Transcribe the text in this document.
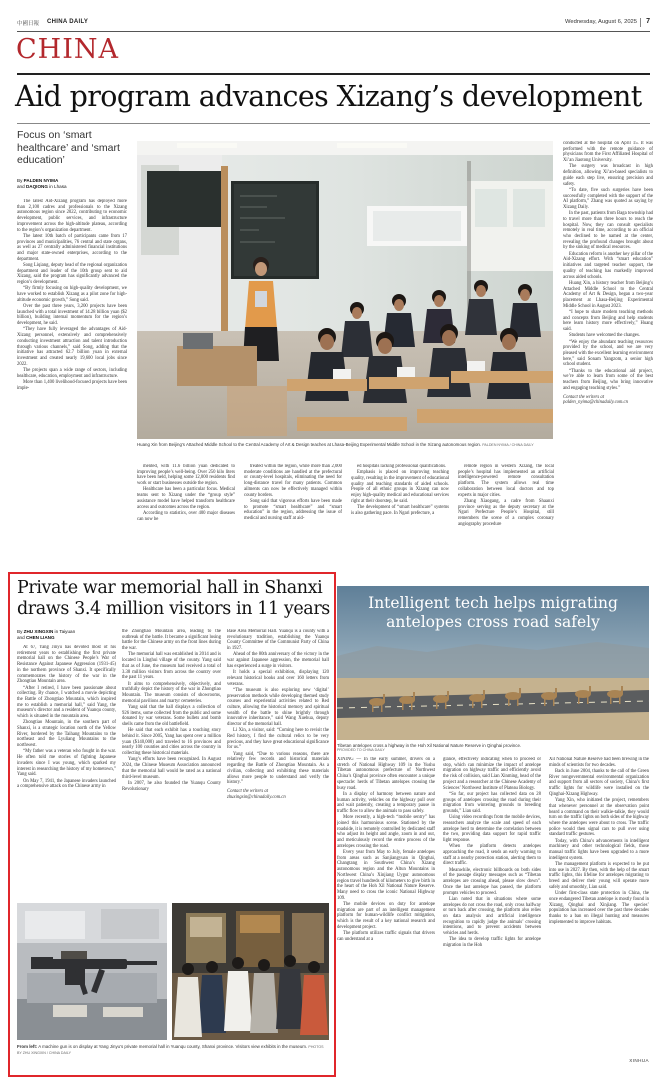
中國日報 CHINA DAILY	Wednesday, August 6, 2025 7
CHINA
Aid program advances Xizang’s development
Focus on ‘smart healthcare’ and ‘smart education’
By PALDEN NYIMA
and DAQIONG in Lhasa

The latest Aid-Xizang program has deployed more than 2,100 cadres and professionals to the Xizang autonomous region since 2022, contributing to economic development, public services, and infrastructure improvement across the high-altitude plateau, according to the region’s organization department.

The latest 10th batch of participants came from 17 provinces and municipalities, 76 central and state organs, as well as 27 centrally administered financial institutions and major state-owned enterprises, according to the department.

Song Liqiang, deputy head of the regional organization department and leader of the 10th group sent to aid Xizang, said the program has significantly advanced the region’s development.

“By firmly focusing on high-quality development, we have worked to establish Xizang as a pilot zone for high-altitude economic growth,” Song said.

Over the past three years, 3,200 projects have been launched with a total investment of 14.28 billion yuan ($2 billion), building internal momentum for the region’s development, he said.

“They have fully leveraged the advantages of Aid-Xizang personnel, extensively and comprehensively conducting investment attraction and talent introduction through various channels,” said Song, adding that the initiative has attracted 62.7 billion yuan in external investment and created nearly 19,600 local jobs since 2022.

The projects span a wide range of sectors, including healthcare, education, employment and infrastructure.

More than 1,400 livelihood-focused projects have been imple-

Huang Xin from Beijing’s Attached Middle School to the Central Academy of Art & Design teaches at Lhasa-Beijing Experimental Middle School in the Xizang autonomous region. PALDEN NYIMA / CHINA DAILY

mented, with 11.6 billion yuan dedicated to improving people’s well-being. Over 250 kilo liters have been held, helping some 12,000 residents find work or start businesses outside the region.

Healthcare has been a particular focus. Medical teams sent to Xizang under the “group style” assistance model have helped transform healthcare access and outcomes across the region.

According to statistics, over 400 major diseases can now be

treated within the region, while more than 2,000 moderate conditions are handled at the prefectural or county-level hospitals, eliminating the need for long-distance travel for many patients. Common ailments can now be effectively managed within county borders.

Song said that vigorous efforts have been made to promote “smart healthcare” and “smart education” in the region, addressing the issue of medical and nursing staff at aid-

ed hospitals lacking professional qualifications.

Emphasis is placed on improving teaching quality, resulting in the improvement of educational quality and teaching standards of aided schools. People of all ethnic groups in Xizang can now enjoy high-quality medical and educational services right at their doorstep, he said.

The development of “smart healthcare” systems is also gathering pace. In Ngari prefecture, a

remote region in western Xizang, the local people’s hospital has implemented an artificial intelligence-powered remote consultation platform. The system allows real time collaboration between local doctors and top experts in major cities.

Zhang Xiaogang, a cadre from Shaanxi province serving as the deputy secretary at the Ngari Prefecture People’s Hospital, still remembers the scene of a complex coronary angiography procedure

conducted at the hospital on April 15. It was performed with the remote guidance of physicians from the First Affiliated Hospital of Xi’an Jiaotong University.

The surgery was broadcast in high definition, allowing Xi’an-based specialists to guide each step live, ensuring precision and safety.

“To date, five such surgeries have been successfully completed with the support of the AI platform,” Zhang was quoted as saying by Xizang Daily.

In the past, patients from Baga township had to travel more than three hours to reach the hospital. Now, they can consult specialists remotely in real time, according to an official who declined to be named at the center, revealing the profound changes brought about by the sinking of medical resources.

Education reform is another key pillar of the Aid-Xizang effort. With “smart education” initiatives and targeted teacher support, the quality of teaching has markedly improved across aided schools.

Huang Xin, a history teacher from Beijing’s Attached Middle School to the Central Academy of Art & Design, began a two-year placement at Lhasa-Beijing Experimental Middle School in August 2023.

“I hope to share modern teaching methods and concepts from Beijing and help students here learn history more effectively,” Huang said.

Students have welcomed the changes.

“We enjoy the abundant teaching resources provided by the school, and we are very pleased with the excellent learning environment here,” said Sonam Yangzom, a senior high school student.

“Thanks to the educational aid project, we’re able to learn from some of the best teachers from Beijing, who bring innovative and engaging teaching styles.”

Contact the writers at
palden_nyima@chinadaily.com.cn

Private war memorial hall in Shanxi
draws 3.4 million visitors in 11 years
By ZHU XINGXIN in Taiyuan
and CHEN LIANG

At 67, Yang Jinyu has devoted most of his retirement years to establishing the first private memorial hall on the Chinese People’s War of Resistance Against Japanese Aggression (1931-45) in the northern province of Shanxi. It specifically commemorates the history of the war in the Zhongtiao Mountain area.

“After I retired, I have been passionate about collecting. By chance, I watched a movie depicting the Battle of Zhongtiao Mountain, which inspired me to establish a memorial hall,” said Yang, the museum’s director and a resident of Yuanqu county, which is situated in the mountain area.

Zhongtiao Mountain, in the southern part of Shanxi, is a strategic location north of the Yellow River, bordered by the Taihang Mountains to the northeast and the Lyuliang Mountains to the northwest.

“My father was a veteran who fought in the war. He often told me stories of fighting Japanese invaders since I was young, which sparked my interest in researching the history of my hometown,” Yang said.

On May 7, 1941, the Japanese invaders launched a comprehensive attack on the Chinese army in

the Zhongtiao Mountain area, leading to the outbreak of the battle. It became a significant losing battle for the Chinese army on the front lines during the war.

The memorial hall was established in 2014 and is located in Linghui village of the county. Yang said that as of June, the museum had received a total of 3.38 million visitors from across the country over the past 11 years.

It aims to comprehensively, objectively, and truthfully depict the history of the war in Zhongtiao Mountain. The museum consists of showrooms, memorial pavilions and martyr cemeteries.

Yang said that the hall displays a collection of 926 items, some collected from the public and some donated by war veterans. Some bullets and bomb shells came from the old battlefield.

He said that each exhibit has a touching story behind it. Since 2005, Yang has spent over a million yuan ($140,000) and traveled to 16 provinces and nearly 100 counties and cities across the country in collecting these historical materials.

Yang’s efforts have been recognized. In August 2024, the Chinese Museum Association announced that the memorial hall would be rated as a national third-level museum.

In 2007, he also founded the Yuanqu County Revolutionary

Base Area Memorial Hall. Yuanqu is a county with a revolutionary tradition, establishing the Yuanqu County Committee of the Communist Party of China in 1927.

Ahead of the 80th anniversary of the victory in the war against Japanese aggression, the memorial hall has experienced a surge in visitors.

It holds a special exhibition, displaying 120 relevant historical books and over 160 letters from veterans.

“The museum is also exploring new ‘digital’ preservation methods while developing themed study courses and experiential activities related to Red culture, allowing the historical memory and spiritual wealth of the battle to shine brightly through innovative inheritance,” said Wang Xuehua, deputy director of the memorial hall.

Li Xin, a visitor, said: “Coming here to revisit the Red history, I find the cultural relics to be very precious, and they have great educational significance for us.”

Yang said, “Due to various reasons, there are relatively few records and historical materials regarding the Battle of Zhongtiao Mountain. As a civilian, collecting and exhibiting these materials allows more people to understand and verify the history.”

Contact the writers at
zhuxingxin@chinadaily.com.cn

From left: A machine gun is on display at Yang Jinyu’s private memorial hall in Yuanqu county, Shanxi province. Visitors view exhibits in the museum. PHOTOS BY ZHU XINGXIN / CHINA DAILY
Intelligent tech helps migrating
antelopes cross road safely
Tibetan antelopes cross a highway in the Hoh Xil National Nature Reserve in Qinghai province.
PROVIDED TO CHINA DAILY

XINING — In the early summer, drivers on a stretch of National Highway 109 in the Yushu Tibetan autonomous prefecture of Northwest China’s Qinghai province often encounter a unique spectacle: herds of Tibetan antelopes crossing the busy road.

In a display of harmony between nature and human activity, vehicles on the highway pull over and wait patiently, creating a temporary pause in traffic flow to allow the animals to pass safely.

More recently, a high-tech “mobile sentry” has joined this harmonious scene. Stationed by the roadside, it is remotely controlled by dedicated staff who adjust its height and angle, zoom in and out, and meticulously record the entire process of the antelopes crossing the road.

Every year from May to July, female antelopes from areas such as Sanjiangyuan in Qinghai, Changtang in Southwest China’s Xizang autonomous region and the Altun Mountains in Northwest China’s Xinjiang Uygur autonomous region travel hundreds of kilometers to give birth in the heart of the Hoh Xil National Nature Reserve. Many need to cross the iconic National Highway 109.

The mobile devices on duty for antelope migration are part of an intelligent management platform for human-wildlife conflict mitigation, which is the result of a key national research and development project.

The platform utilizes traffic signals that drivers can understand at a

glance, effectively indicating when to proceed or stop, which can minimize the impact of antelope migration on highway traffic and efficiently avoid the risk of collision, said Lian Xinming, head of the project and a researcher at the Chinese Academy of Sciences’ Northwest Institute of Plateau Biology.

“So far, our project has collected data on 28 groups of antelopes crossing the road during their migration from wintering grounds to breeding grounds,” Lian said.

Using video recordings from the mobile devices, researchers analyze the scale and speed of each antelope herd to determine the correlation between the two, providing data support for rapid traffic light response.

When the platform detects antelopes approaching the road, it sends an early warning to staff at a nearby protection station, alerting them to direct traffic.

Meanwhile, electronic billboards on both sides of the passage display messages such as “Tibetan antelopes are crossing ahead, please slow down”. Once the last antelope has passed, the platform prompts vehicles to proceed.

Lian noted that in situations where some antelopes do not cross the road, only cross halfway or turn back after crossing, the platform also relies on data analysis and artificial intelligence recognition to rapidly judge the animals’ crossing intentions, and to prevent accidents between vehicles and herds.

The idea to develop traffic lights for antelope migration in the Hoh

Xil National Nature Reserve had been brewing in the minds of scientists for two decades.

Back in June 2004, thanks to the call of the Green River nongovernmental environmental organization and support from all sectors of society, China’s first traffic lights for wildlife were installed on the Qinghai-Xizang Highway.

Yang Xin, who initiated the project, remembers that whenever personnel at the observation point heard a command on their walkie-talkie, they would turn on the traffic lights on both sides of the highway where the antelopes were about to cross. The traffic police would then signal cars to pull over using standard traffic gestures.

Today, with China’s advancements in intelligent machinery and other technological fields, those manual traffic lights have been upgraded to a more intelligent system.

The management platform is expected to be put into use in 2027. By then, with the help of the smart traffic lights, this lifeline for antelopes migrating to breed and deliver their young will operate more safely and smoothly, Lian said.

Under first-class state protection in China, the once endangered Tibetan antelope is mostly found in Xizang, Qinghai and Xinjiang. The species’ population has increased over the past three decades thanks to a ban on illegal hunting and measures implemented to improve habitats.

XINHUA
